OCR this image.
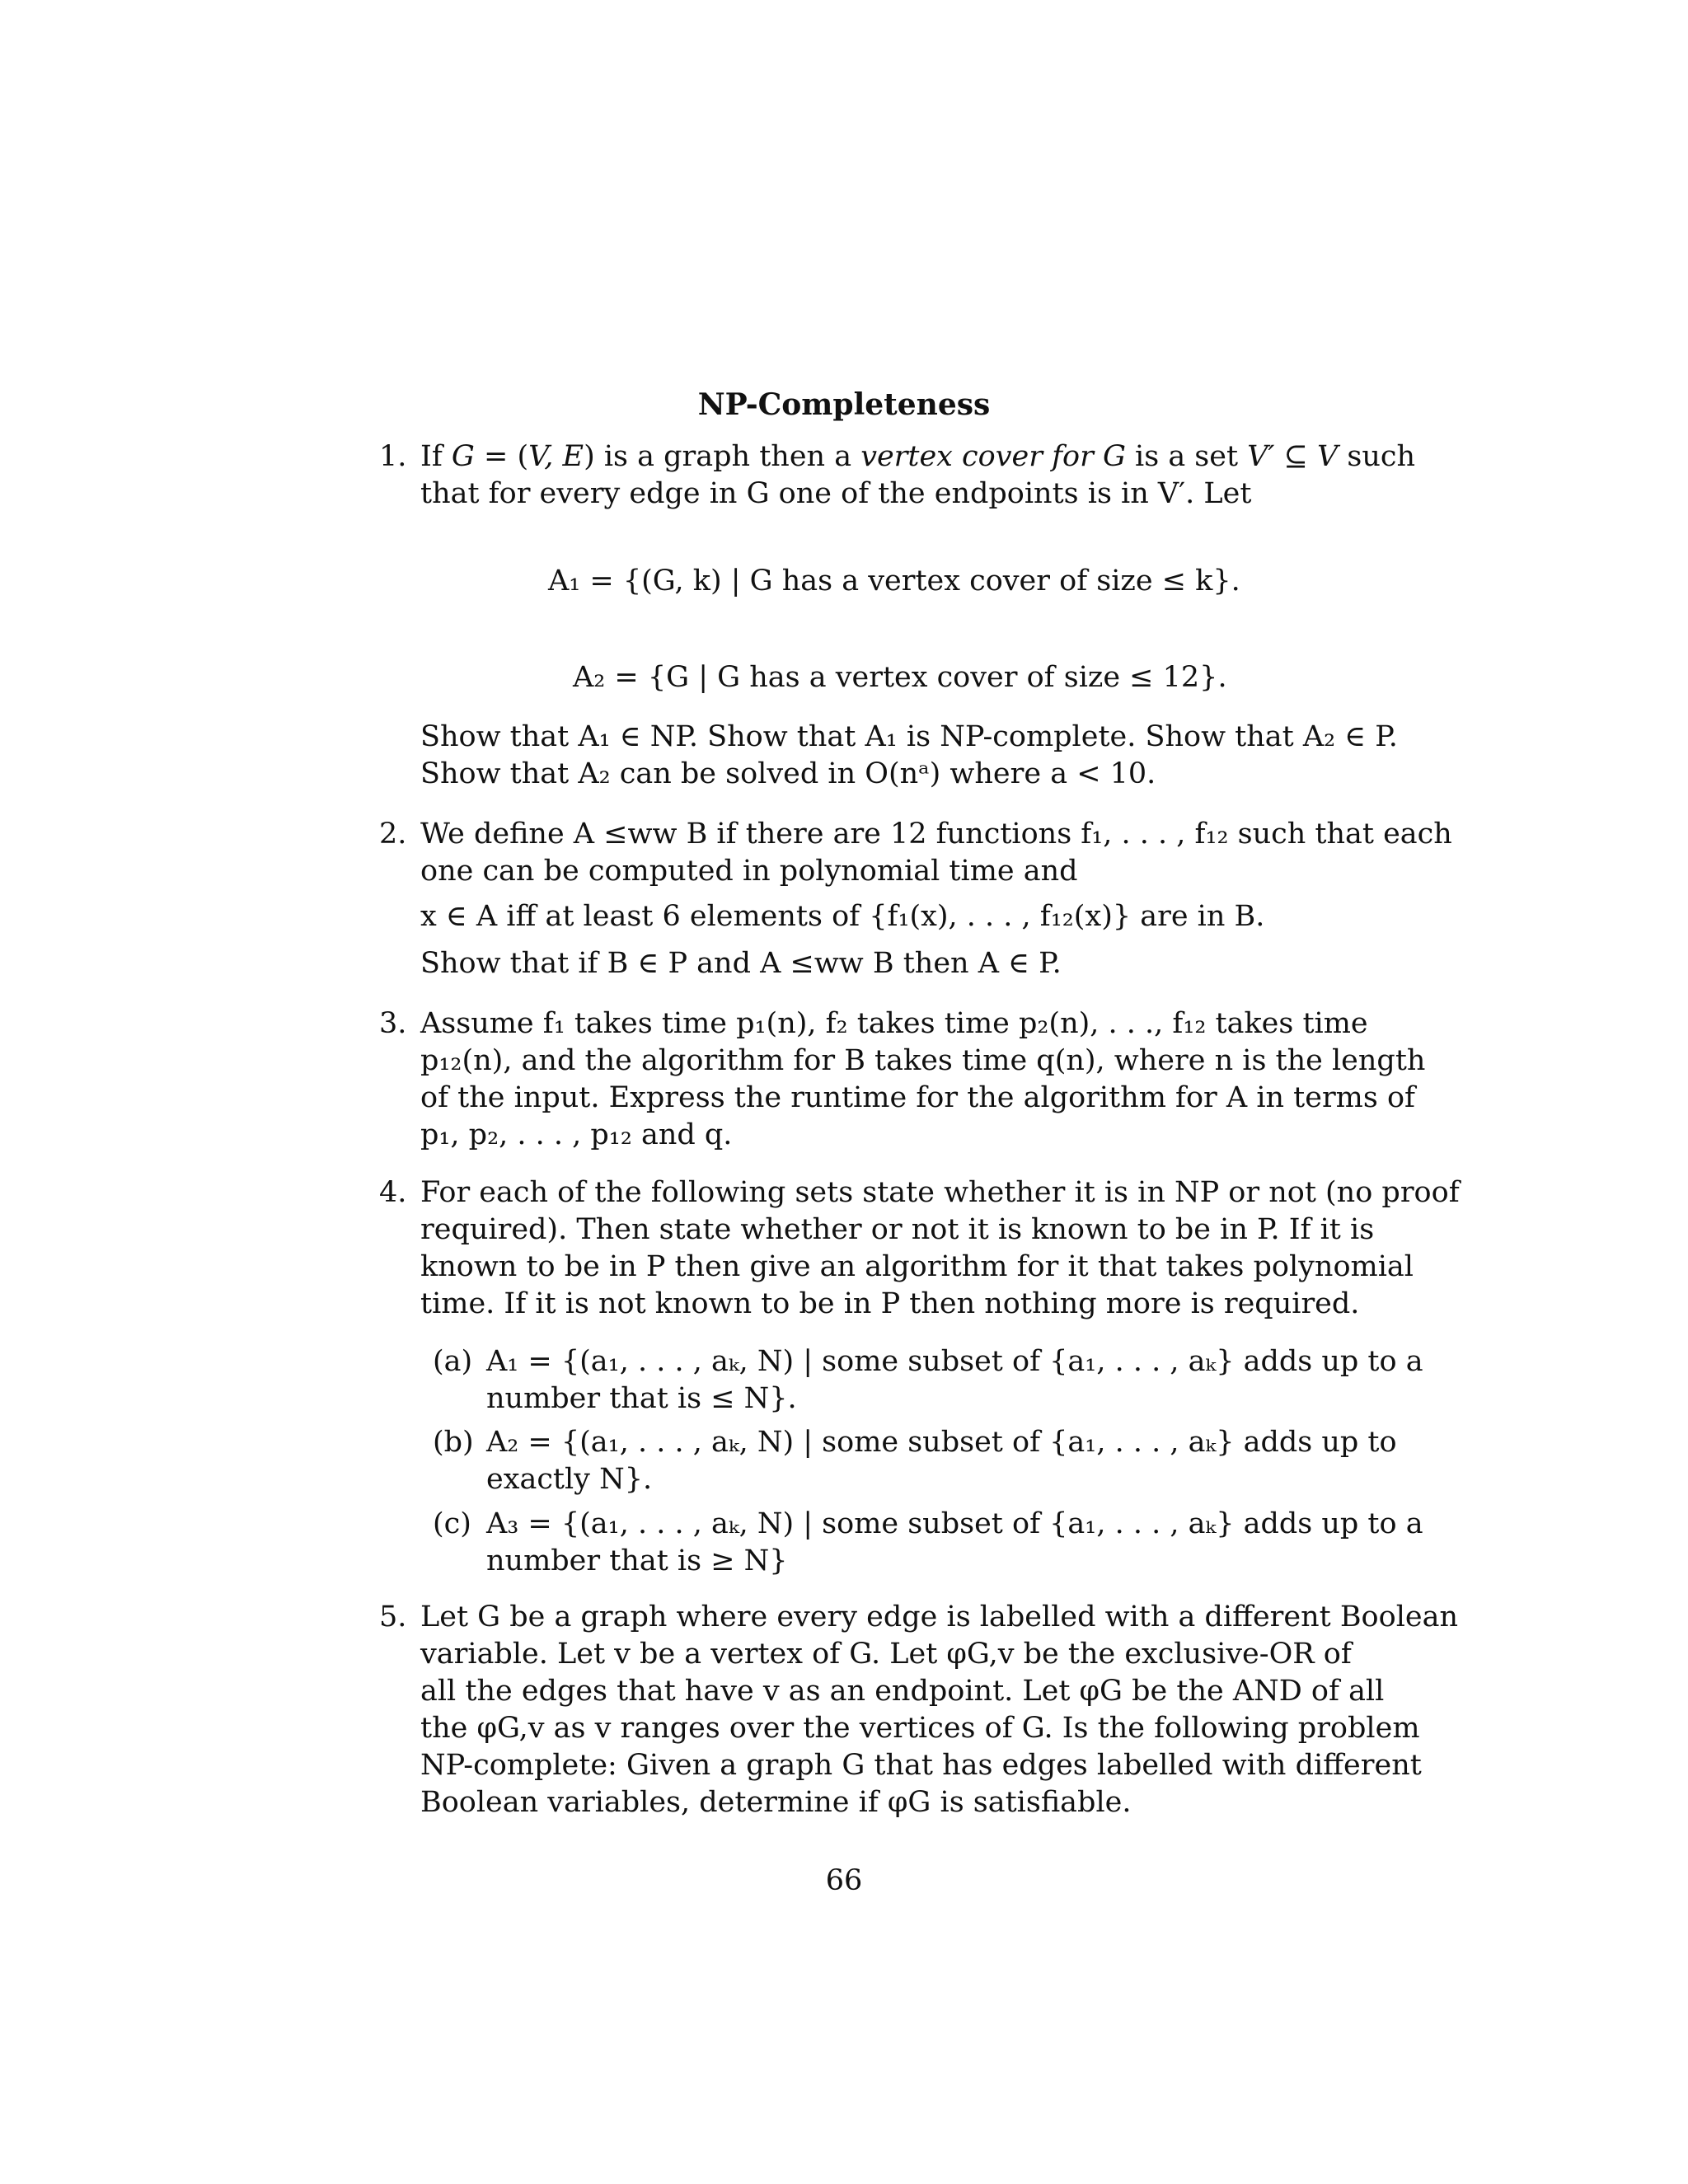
NP-Completeness
1. If G = (V, E) is a graph then a vertex cover for G is a set V′ ⊆ V such
that for every edge in G one of the endpoints is in V′. Let
A₁ = {(G, k) | G has a vertex cover of size ≤ k}.
A₂ = {G | G has a vertex cover of size ≤ 12}.
Show that A₁ ∈ NP. Show that A₁ is NP-complete. Show that A₂ ∈ P.
Show that A₂ can be solved in O(nᵃ) where a < 10.
2. We define A ≤ww B if there are 12 functions f₁, . . . , f₁₂ such that each
one can be computed in polynomial time and
x ∈ A iff at least 6 elements of {f₁(x), . . . , f₁₂(x)} are in B.
Show that if B ∈ P and A ≤ww B then A ∈ P.
3. Assume f₁ takes time p₁(n), f₂ takes time p₂(n), . . ., f₁₂ takes time
p₁₂(n), and the algorithm for B takes time q(n), where n is the length
of the input. Express the runtime for the algorithm for A in terms of
p₁, p₂, . . . , p₁₂ and q.
4. For each of the following sets state whether it is in NP or not (no proof
required). Then state whether or not it is known to be in P. If it is
known to be in P then give an algorithm for it that takes polynomial
time. If it is not known to be in P then nothing more is required.
(a) A₁ = {(a₁, . . . , aₖ, N) | some subset of {a₁, . . . , aₖ} adds up to a
number that is ≤ N}.
(b) A₂ = {(a₁, . . . , aₖ, N) | some subset of {a₁, . . . , aₖ} adds up to
exactly N}.
(c) A₃ = {(a₁, . . . , aₖ, N) | some subset of {a₁, . . . , aₖ} adds up to a
number that is ≥ N}
5. Let G be a graph where every edge is labelled with a different Boolean
variable. Let v be a vertex of G. Let φG,v be the exclusive-OR of
all the edges that have v as an endpoint. Let φG be the AND of all
the φG,v as v ranges over the vertices of G. Is the following problem
NP-complete: Given a graph G that has edges labelled with different
Boolean variables, determine if φG is satisfiable.
66
